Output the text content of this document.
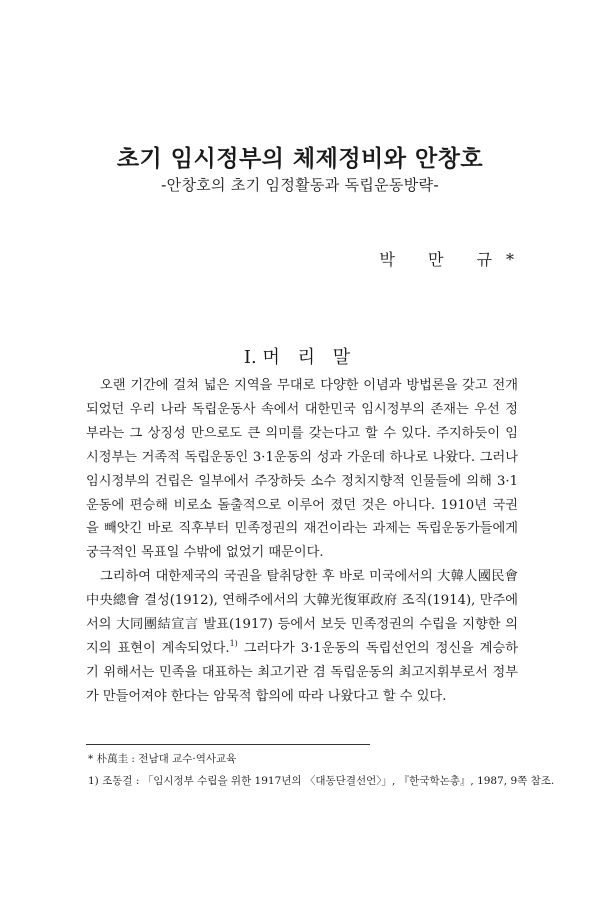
초기 임시정부의 체제정비와 안창호
-안창호의 초기 임정활동과 독립운동방략-
박 만 규*
Ⅰ. 머 리 말

오랜 기간에 걸쳐 넓은 지역을 무대로 다양한 이념과 방법론을 갖고 전개되었던 우리 나라 독립운동사 속에서 대한민국 임시정부의 존재는 우선 정부라는 그 상징성 만으로도 큰 의미를 갖는다고 할 수 있다. 주지하듯이 임시정부는 거족적 독립운동인 3·1운동의 성과 가운데 하나로 나왔다. 그러나 임시정부의 건립은 일부에서 주장하듯 소수 정치지향적 인물들에 의해 3·1운동에 편승해 비로소 돌출적으로 이루어 졌던 것은 아니다. 1910년 국권을 빼앗긴 바로 직후부터 민족정권의 재건이라는 과제는 독립운동가들에게 궁극적인 목표일 수밖에 없었기 때문이다.

그리하여 대한제국의 국권을 탈취당한 후 바로 미국에서의 大韓人國民會中央總會 결성(1912), 연해주에서의 大韓光復軍政府 조직(1914), 만주에서의 大同團結宣言 발표(1917) 등에서 보듯 민족정권의 수립을 지향한 의지의 표현이 계속되었다.$^{1)}$ 그러다가 3·1운동의 독립선언의 정신을 계승하기 위해서는 민족을 대표하는 최고기관 겸 독립운동의 최고지휘부로서 정부가 만들어져야 한다는 암묵적 합의에 따라 나왔다고 할 수 있다.

* 朴萬圭 : 전남대 교수·역사교육
1) 조동걸 : 「임시정부 수립을 위한 1917년의 〈대동단결선언〉」, 『한국학논총』, 1987, 9쪽 참조.
